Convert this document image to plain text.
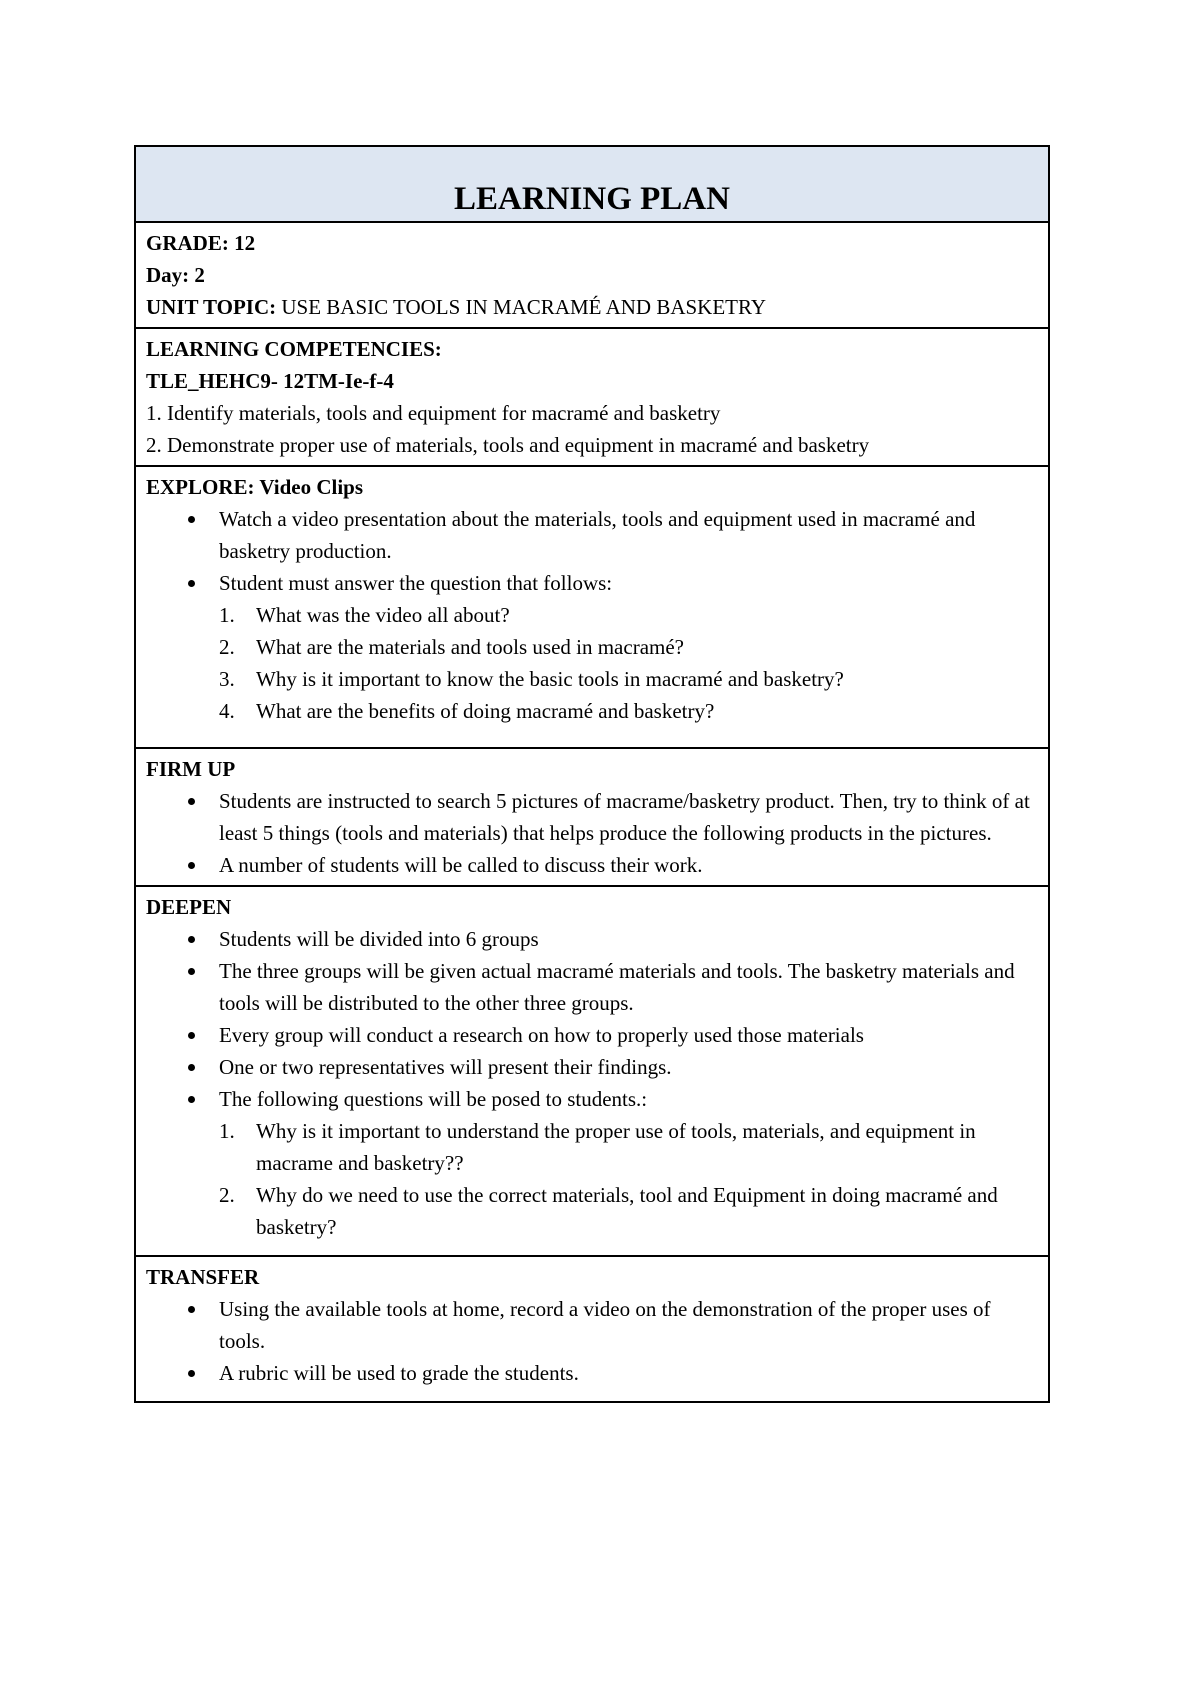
LEARNING PLAN
GRADE: 12
Day: 2
UNIT TOPIC: USE BASIC TOOLS IN MACRAMÉ AND BASKETRY
LEARNING COMPETENCIES:
TLE_HEHC9- 12TM-Ie-f-4
1. Identify materials, tools and equipment for macramé and basketry
2. Demonstrate proper use of materials, tools and equipment in macramé and basketry
EXPLORE: Video Clips
Watch a video presentation about the materials, tools and equipment used in macramé and basketry production.
Student must answer the question that follows:
What was the video all about?
What are the materials and tools used in macramé?
Why is it important to know the basic tools in macramé and basketry?
What are the benefits of doing macramé and basketry?
FIRM UP
Students are instructed to search 5 pictures of macrame/basketry product. Then, try to think of at least 5 things (tools and materials) that helps produce the following products in the pictures.
A number of students will be called to discuss their work.
DEEPEN
Students will be divided into 6 groups
The three groups will be given actual macramé materials and tools. The basketry materials and tools will be distributed to the other three groups.
Every group will conduct a research on how to properly used those materials
One or two representatives will present their findings.
The following questions will be posed to students.:
Why is it important to understand the proper use of tools, materials, and equipment in macrame and basketry??
Why do we need to use the correct materials, tool and Equipment in doing macramé and basketry?
TRANSFER
Using the available tools at home, record a video on the demonstration of the proper uses of tools.
A rubric will be used to grade the students.
